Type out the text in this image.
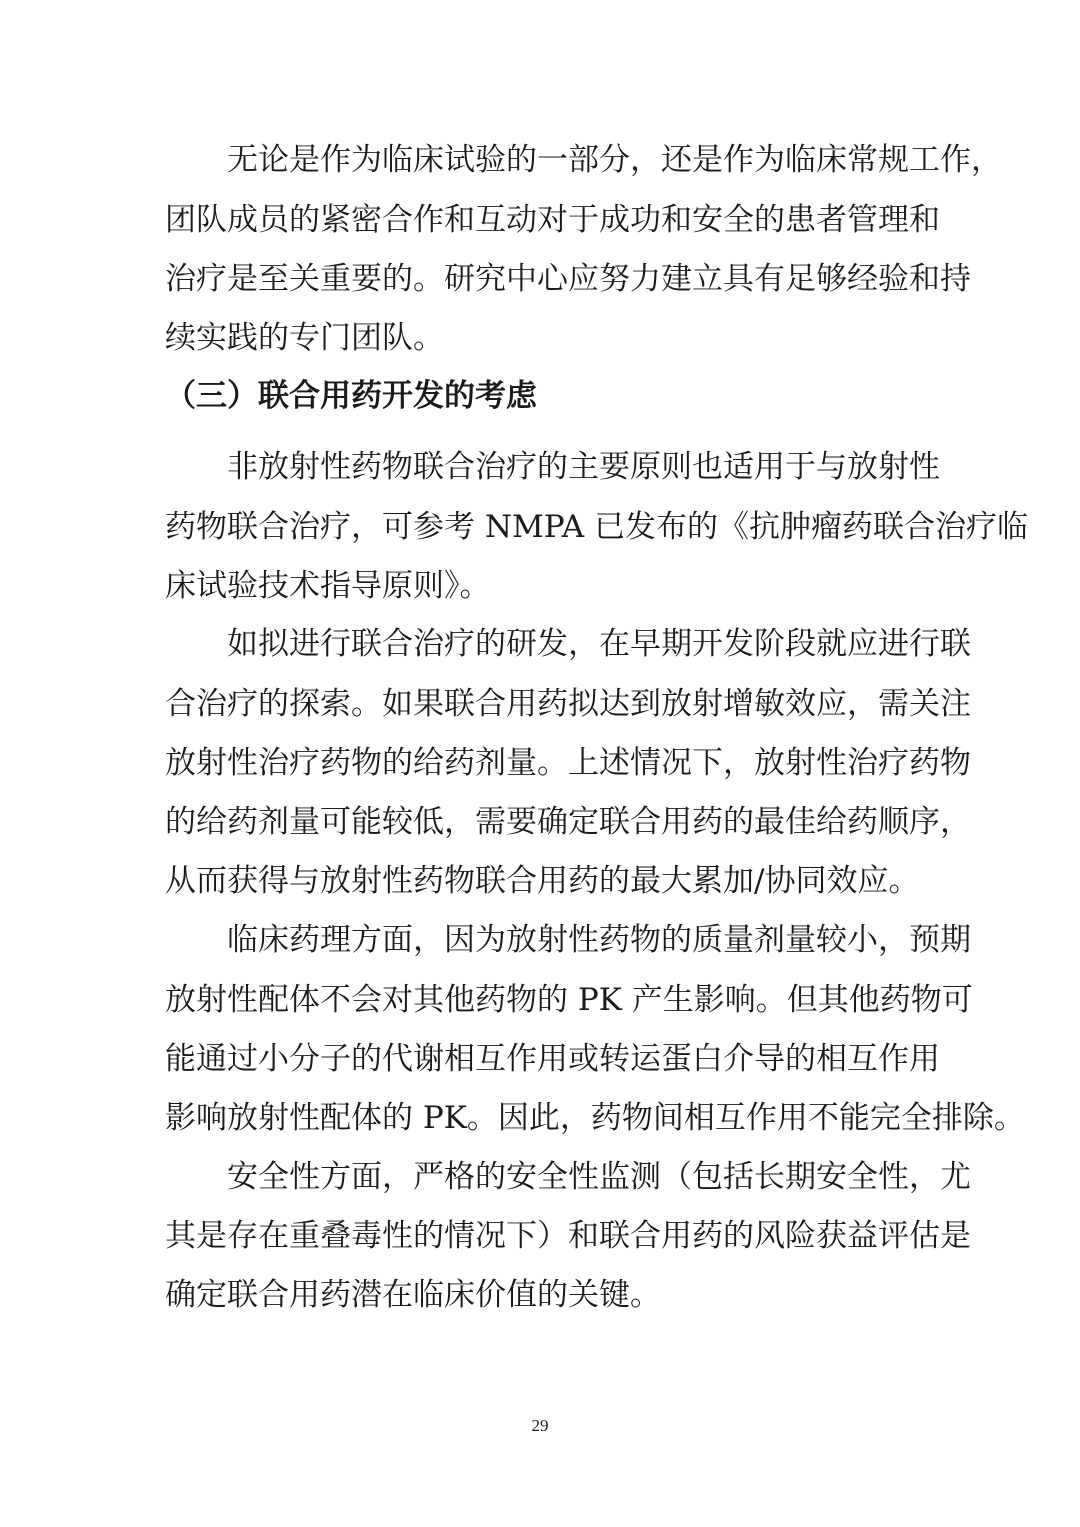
无论是作为临床试验的一部分，还是作为临床常规工作，
团队成员的紧密合作和互动对于成功和安全的患者管理和
治疗是至关重要的。研究中心应努力建立具有足够经验和持
续实践的专门团队。
（三）联合用药开发的考虑
非放射性药物联合治疗的主要原则也适用于与放射性
药物联合治疗，可参考 NMPA 已发布的《抗肿瘤药联合治疗临
床试验技术指导原则》。
如拟进行联合治疗的研发，在早期开发阶段就应进行联
合治疗的探索。如果联合用药拟达到放射增敏效应，需关注
放射性治疗药物的给药剂量。上述情况下，放射性治疗药物
的给药剂量可能较低，需要确定联合用药的最佳给药顺序，
从而获得与放射性药物联合用药的最大累加/协同效应。
临床药理方面，因为放射性药物的质量剂量较小，预期
放射性配体不会对其他药物的 PK 产生影响。但其他药物可
能通过小分子的代谢相互作用或转运蛋白介导的相互作用
影响放射性配体的 PK。因此，药物间相互作用不能完全排除。
安全性方面，严格的安全性监测（包括长期安全性，尤
其是存在重叠毒性的情况下）和联合用药的风险获益评估是
确定联合用药潜在临床价值的关键。
29
